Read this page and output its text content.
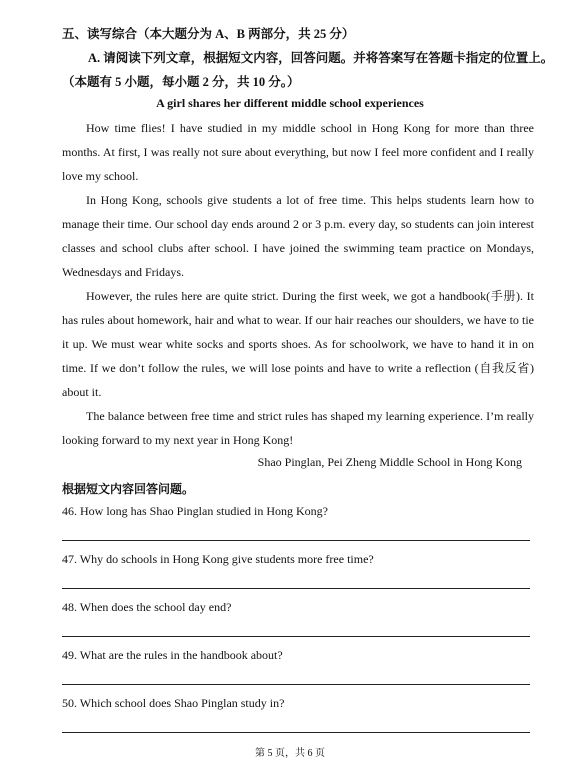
五、读写综合（本大题分为 A、B 两部分，共 25 分）
A. 请阅读下列文章，根据短文内容，回答问题。并将答案写在答题卡指定的位置上。
（本题有 5 小题，每小题 2 分，共 10 分。）
A girl shares her different middle school experiences

How time flies! I have studied in my middle school in Hong Kong for more than three months. At first, I was really not sure about everything, but now I feel more confident and I really love my school.

In Hong Kong, schools give students a lot of free time. This helps students learn how to manage their time. Our school day ends around 2 or 3 p.m. every day, so students can join interest classes and school clubs after school. I have joined the swimming team practice on Mondays, Wednesdays and Fridays.

However, the rules here are quite strict. During the first week, we got a handbook(手册). It has rules about homework, hair and what to wear. If our hair reaches our shoulders, we have to tie it up. We must wear white socks and sports shoes. As for schoolwork, we have to hand it in on time. If we don’t follow the rules, we will lose points and have to write a reflection (自我反省) about it.

The balance between free time and strict rules has shaped my learning experience. I’m really looking forward to my next year in Hong Kong!

Shao Pinglan, Pei Zheng Middle School in Hong Kong
根据短文内容回答问题。
46. How long has Shao Pinglan studied in Hong Kong?
47. Why do schools in Hong Kong give students more free time?
48. When does the school day end?
49. What are the rules in the handbook about?
50. Which school does Shao Pinglan study in?
第 5 页，共 6 页
